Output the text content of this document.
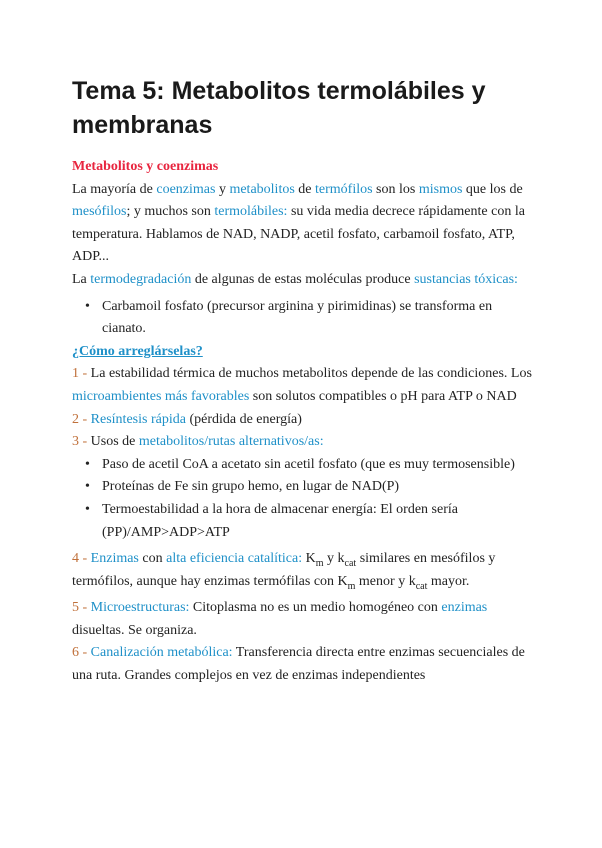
Tema 5: Metabolitos termolábiles y membranas

Metabolitos y coenzimas

La mayoría de coenzimas y metabolitos de termófilos son los mismos que los de mesófilos; y muchos son termolábiles: su vida media decrece rápidamente con la temperatura. Hablamos de NAD, NADP, acetil fosfato, carbamoil fosfato, ATP, ADP...

La termodegradación de algunas de estas moléculas produce sustancias tóxicas:

• Carbamoil fosfato (precursor arginina y pirimidinas) se transforma en cianato.

¿Cómo arreglárselas?

1 - La estabilidad térmica de muchos metabolitos depende de las condiciones. Los microambientes más favorables son solutos compatibles o pH para ATP o NAD

2 - Resíntesis rápida (pérdida de energía)

3 - Usos de metabolitos/rutas alternativos/as:

• Paso de acetil CoA a acetato sin acetil fosfato (que es muy termosensible)

• Proteínas de Fe sin grupo hemo, en lugar de NAD(P)

• Termoestabilidad a la hora de almacenar energía: El orden sería (PP)/AMP>ADP>ATP

4 - Enzimas con alta eficiencia catalítica: $K_m$ y $k_{cat}$ similares en mesófilos y termófilos, aunque hay enzimas termófilas con $K_m$ menor y $k_{cat}$ mayor.

5 - Microestructuras: Citoplasma no es un medio homogéneo con enzimas disueltas. Se organiza.

6 - Canalización metabólica: Transferencia directa entre enzimas secuenciales de una ruta. Grandes complejos en vez de enzimas independientes
